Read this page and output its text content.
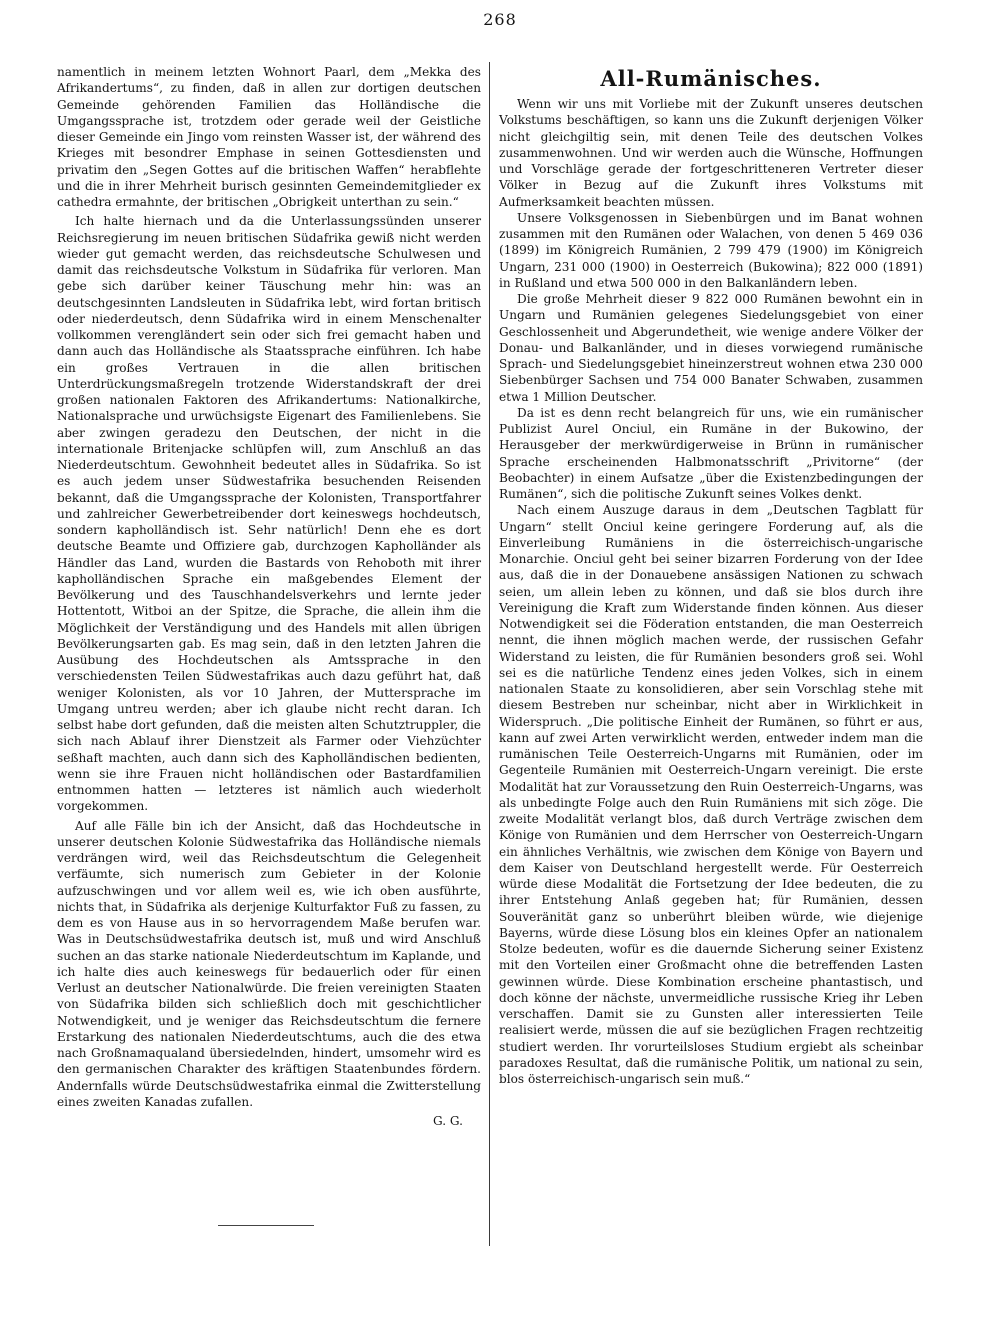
268

namentlich in meinem letzten Wohnort Paarl, dem „Mekka des Afrikandertums“, zu finden, daß in allen zur dortigen deutschen Gemeinde gehörenden Familien das Holländische die Umgangssprache ist, trotzdem oder gerade weil der Geistliche dieser Gemeinde ein Jingo vom reinsten Wasser ist, der während des Krieges mit besondrer Emphase in seinen Gottesdiensten und privatim den „Segen Gottes auf die britischen Waffen“ herabflehte und die in ihrer Mehrheit burisch gesinnten Gemeindemitglieder ex cathedra ermahnte, der britischen „Obrigkeit unterthan zu sein.“

Ich halte hiernach und da die Unterlassungssünden unserer Reichsregierung im neuen britischen Südafrika gewiß nicht werden wieder gut gemacht werden, das reichsdeutsche Schulwesen und damit das reichsdeutsche Volkstum in Südafrika für verloren. Man gebe sich darüber keiner Täuschung mehr hin: was an deutschgesinnten Landsleuten in Südafrika lebt, wird fortan britisch oder niederdeutsch, denn Südafrika wird in einem Menschenalter vollkommen verengländert sein oder sich frei gemacht haben und dann auch das Holländische als Staatssprache einführen. Ich habe ein großes Vertrauen in die allen britischen Unterdrückungsmaßregeln trotzende Widerstandskraft der drei großen nationalen Faktoren des Afrikandertums: Nationalkirche, Nationalsprache und urwüchsigste Eigenart des Familienlebens. Sie aber zwingen geradezu den Deutschen, der nicht in die internationale Britenjacke schlüpfen will, zum Anschluß an das Niederdeutschtum. Gewohnheit bedeutet alles in Südafrika. So ist es auch jedem unser Südwestafrika besuchenden Reisenden bekannt, daß die Umgangssprache der Kolonisten, Transportfahrer und zahlreicher Gewerbetreibender dort keineswegs hochdeutsch, sondern kapholländisch ist. Sehr natürlich! Denn ehe es dort deutsche Beamte und Offiziere gab, durchzogen Kapholländer als Händler das Land, wurden die Bastards von Rehoboth mit ihrer kapholländischen Sprache ein maßgebendes Element der Bevölkerung und des Tauschhandelsverkehrs und lernte jeder Hottentott, Witboi an der Spitze, die Sprache, die allein ihm die Möglichkeit der Verständigung und des Handels mit allen übrigen Bevölkerungsarten gab. Es mag sein, daß in den letzten Jahren die Ausübung des Hochdeutschen als Amtssprache in den verschiedensten Teilen Südwestafrikas auch dazu geführt hat, daß weniger Kolonisten, als vor 10 Jahren, der Muttersprache im Umgang untreu werden; aber ich glaube nicht recht daran. Ich selbst habe dort gefunden, daß die meisten alten Schutztruppler, die sich nach Ablauf ihrer Dienstzeit als Farmer oder Viehzüchter seßhaft machten, auch dann sich des Kapholländischen bedienten, wenn sie ihre Frauen nicht holländischen oder Bastardfamilien entnommen hatten — letzteres ist nämlich auch wiederholt vorgekommen.

Auf alle Fälle bin ich der Ansicht, daß das Hochdeutsche in unserer deutschen Kolonie Südwestafrika das Holländische niemals verdrängen wird, weil das Reichsdeutschtum die Gelegenheit verfäumte, sich numerisch zum Gebieter in der Kolonie aufzuschwingen und vor allem weil es, wie ich oben ausführte, nichts that, in Südafrika als derjenige Kulturfaktor Fuß zu fassen, zu dem es von Hause aus in so hervorragendem Maße berufen war. Was in Deutschsüdwestafrika deutsch ist, muß und wird Anschluß suchen an das starke nationale Niederdeutschtum im Kaplande, und ich halte dies auch keineswegs für bedauerlich oder für einen Verlust an deutscher Nationalwürde. Die freien vereinigten Staaten von Südafrika bilden sich schließlich doch mit geschichtlicher Notwendigkeit, und je weniger das Reichsdeutschtum die fernere Erstarkung des nationalen Niederdeutschtums, auch die des etwa nach Großnamaqualand übersiedelnden, hindert, umsomehr wird es den germanischen Charakter des kräftigen Staatenbundes fördern. Andernfalls würde Deutschsüdwestafrika einmal die Zwitterstellung eines zweiten Kanadas zufallen.

G. G.

All-Rumänisches.

Wenn wir uns mit Vorliebe mit der Zukunft unseres deutschen Volkstums beschäftigen, so kann uns die Zukunft derjenigen Völker nicht gleichgiltig sein, mit denen Teile des deutschen Volkes zusammenwohnen. Und wir werden auch die Wünsche, Hoffnungen und Vorschläge gerade der fortgeschritteneren Vertreter dieser Völker in Bezug auf die Zukunft ihres Volkstums mit Aufmerksamkeit beachten müssen.

Unsere Volksgenossen in Siebenbürgen und im Banat wohnen zusammen mit den Rumänen oder Walachen, von denen 5 469 036 (1899) im Königreich Rumänien, 2 799 479 (1900) im Königreich Ungarn, 231 000 (1900) in Oesterreich (Bukowina); 822 000 (1891) in Rußland und etwa 500 000 in den Balkanländern leben.

Die große Mehrheit dieser 9 822 000 Rumänen bewohnt ein in Ungarn und Rumänien gelegenes Siedelungsgebiet von einer Geschlossenheit und Abgerundetheit, wie wenige andere Völker der Donau- und Balkanländer, und in dieses vorwiegend rumänische Sprach- und Siedelungsgebiet hineinzerstreut wohnen etwa 230 000 Siebenbürger Sachsen und 754 000 Banater Schwaben, zusammen etwa 1 Million Deutscher.

Da ist es denn recht belangreich für uns, wie ein rumänischer Publizist Aurel Onciul, ein Rumäne in der Bukowino, der Herausgeber der merkwürdigerweise in Brünn in rumänischer Sprache erscheinenden Halbmonatsschrift „Privitorne“ (der Beobachter) in einem Aufsatze „über die Existenzbedingungen der Rumänen“, sich die politische Zukunft seines Volkes denkt.

Nach einem Auszuge daraus in dem „Deutschen Tagblatt für Ungarn“ stellt Onciul keine geringere Forderung auf, als die Einverleibung Rumäniens in die österreichisch-ungarische Monarchie. Onciul geht bei seiner bizarren Forderung von der Idee aus, daß die in der Donauebene ansässigen Nationen zu schwach seien, um allein leben zu können, und daß sie blos durch ihre Vereinigung die Kraft zum Widerstande finden können. Aus dieser Notwendigkeit sei die Föderation entstanden, die man Oesterreich nennt, die ihnen möglich machen werde, der russischen Gefahr Widerstand zu leisten, die für Rumänien besonders groß sei. Wohl sei es die natürliche Tendenz eines jeden Volkes, sich in einem nationalen Staate zu konsolidieren, aber sein Vorschlag stehe mit diesem Bestreben nur scheinbar, nicht aber in Wirklichkeit in Widerspruch. „Die politische Einheit der Rumänen, so führt er aus, kann auf zwei Arten verwirklicht werden, entweder indem man die rumänischen Teile Oesterreich-Ungarns mit Rumänien, oder im Gegenteile Rumänien mit Oesterreich-Ungarn vereinigt. Die erste Modalität hat zur Voraussetzung den Ruin Oesterreich-Ungarns, was als unbedingte Folge auch den Ruin Rumäniens mit sich zöge. Die zweite Modalität verlangt blos, daß durch Verträge zwischen dem Könige von Rumänien und dem Herrscher von Oesterreich-Ungarn ein ähnliches Verhältnis, wie zwischen dem Könige von Bayern und dem Kaiser von Deutschland hergestellt werde. Für Oesterreich würde diese Modalität die Fortsetzung der Idee bedeuten, die zu ihrer Entstehung Anlaß gegeben hat; für Rumänien, dessen Souveränität ganz so unberührt bleiben würde, wie diejenige Bayerns, würde diese Lösung blos ein kleines Opfer an nationalem Stolze bedeuten, wofür es die dauernde Sicherung seiner Existenz mit den Vorteilen einer Großmacht ohne die betreffenden Lasten gewinnen würde. Diese Kombination erscheine phantastisch, und doch könne der nächste, unvermeidliche russische Krieg ihr Leben verschaffen. Damit sie zu Gunsten aller interessierten Teile realisiert werde, müssen die auf sie bezüglichen Fragen rechtzeitig studiert werden. Ihr vorurteilsloses Studium ergiebt als scheinbar paradoxes Resultat, daß die rumänische Politik, um national zu sein, blos österreichisch-ungarisch sein muß.“
